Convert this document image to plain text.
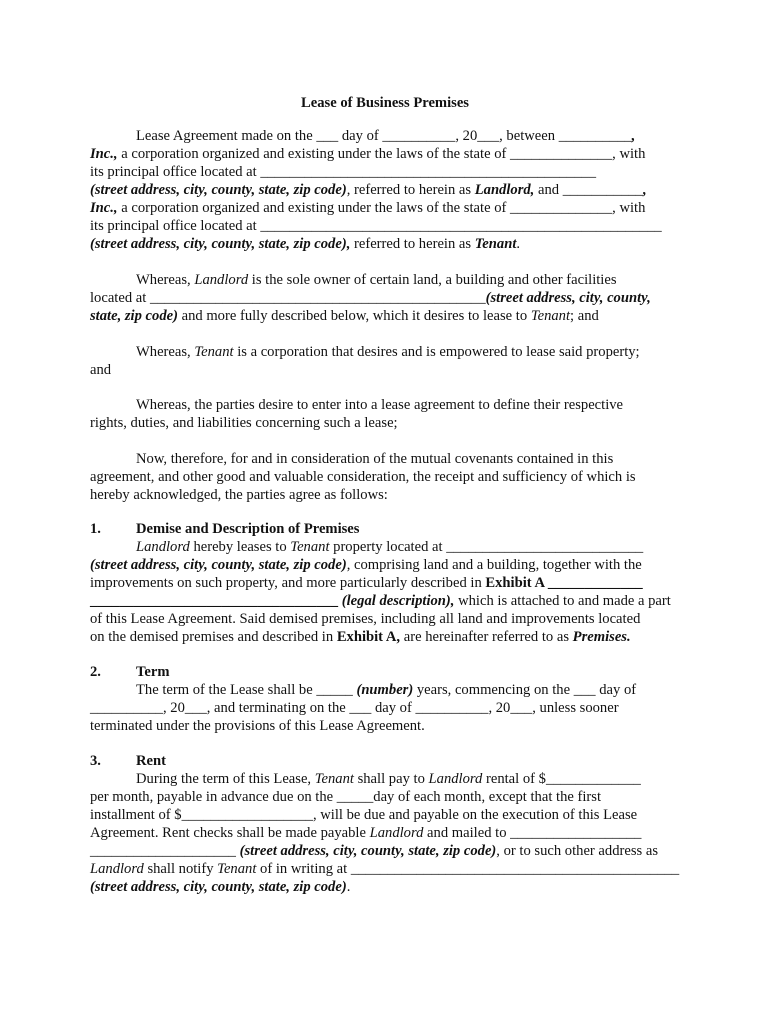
Lease of Business Premises
Lease Agreement made on the ___ day of __________, 20___, between __________,
Inc., a corporation organized and existing under the laws of the state of ______________, with
its principal office located at ______________________________________________
(street address, city, county, state, zip code), referred to herein as Landlord, and ___________,
Inc., a corporation organized and existing under the laws of the state of ______________, with
its principal office located at _______________________________________________________
(street address, city, county, state, zip code), referred to herein as Tenant.
Whereas, Landlord is the sole owner of certain land, a building and other facilities
located at ______________________________________________(street address, city, county,
state, zip code) and more fully described below, which it desires to lease to Tenant; and
Whereas, Tenant is a corporation that desires and is empowered to lease said property;
and
Whereas, the parties desire to enter into a lease agreement to define their respective
rights, duties, and liabilities concerning such a lease;
Now, therefore, for and in consideration of the mutual covenants contained in this
agreement, and other good and valuable consideration, the receipt and sufficiency of which is
hereby acknowledged, the parties agree as follows:
1. Demise and Description of Premises
Landlord hereby leases to Tenant property located at ___________________________
(street address, city, county, state, zip code), comprising land and a building, together with the
improvements on such property, and more particularly described in Exhibit A _____________
__________________________________ (legal description), which is attached to and made a part
of this Lease Agreement. Said demised premises, including all land and improvements located
on the demised premises and described in Exhibit A, are hereinafter referred to as Premises.
2. Term
The term of the Lease shall be _____ (number) years, commencing on the ___ day of
__________, 20___, and terminating on the ___ day of __________, 20___, unless sooner
terminated under the provisions of this Lease Agreement.
3. Rent
During the term of this Lease, Tenant shall pay to Landlord rental of $_____________
per month, payable in advance due on the _____day of each month, except that the first
installment of $__________________, will be due and payable on the execution of this Lease
Agreement. Rent checks shall be made payable Landlord and mailed to __________________
____________________ (street address, city, county, state, zip code), or to such other address as
Landlord shall notify Tenant of in writing at _____________________________________________
(street address, city, county, state, zip code).
